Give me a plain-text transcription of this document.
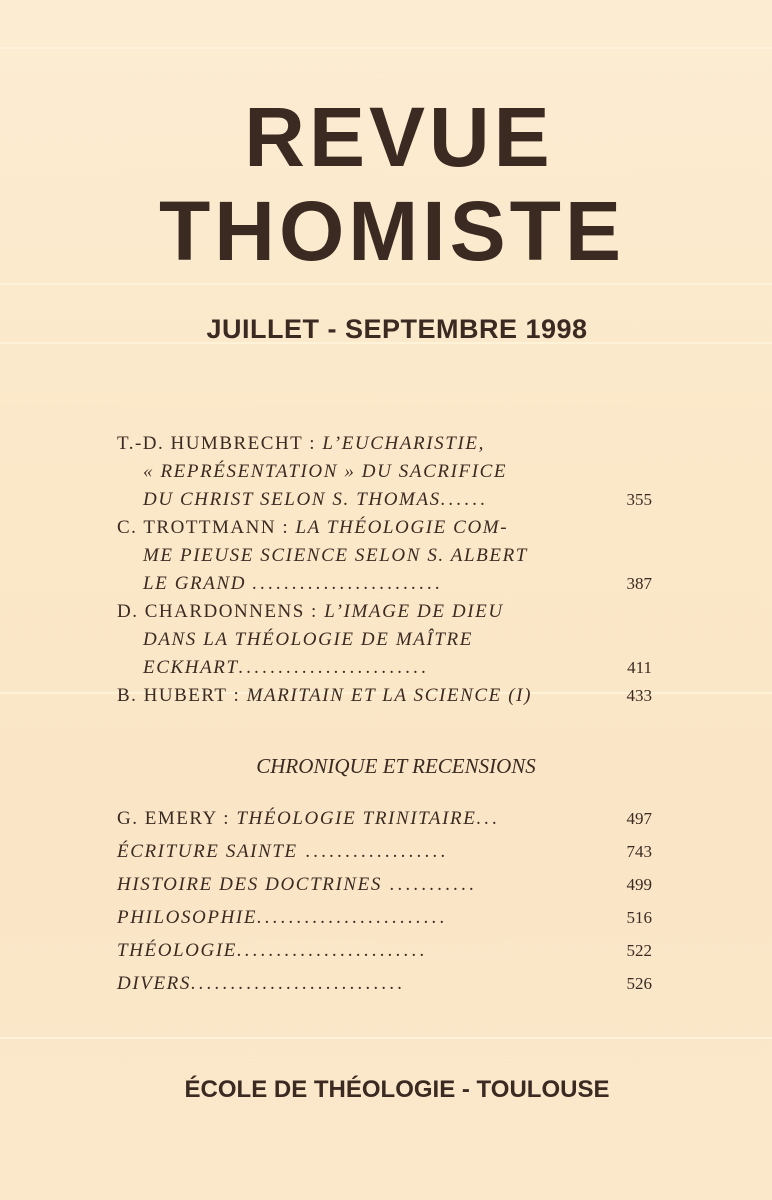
REVUE
THOMISTE
JUILLET - SEPTEMBRE 1998
T.-D. HUMBRECHT : L’EUCHARISTIE,
« REPRÉSENTATION » DU SACRIFICE
DU CHRIST SELON S. THOMAS......	355
C. TROTTMANN : LA THÉOLOGIE COM-
ME PIEUSE SCIENCE SELON S. ALBERT
LE GRAND ........................	387
D. CHARDONNENS : L’IMAGE DE DIEU
DANS LA THÉOLOGIE DE MAÎTRE
ECKHART........................	411
B. HUBERT : MARITAIN ET LA SCIENCE (I)	433
CHRONIQUE ET RECENSIONS
G. EMERY : THÉOLOGIE TRINITAIRE...	497
ÉCRITURE SAINTE ..................	743
HISTOIRE DES DOCTRINES ...........	499
PHILOSOPHIE........................	516
THÉOLOGIE........................	522
DIVERS...........................	526
ÉCOLE DE THÉOLOGIE - TOULOUSE
